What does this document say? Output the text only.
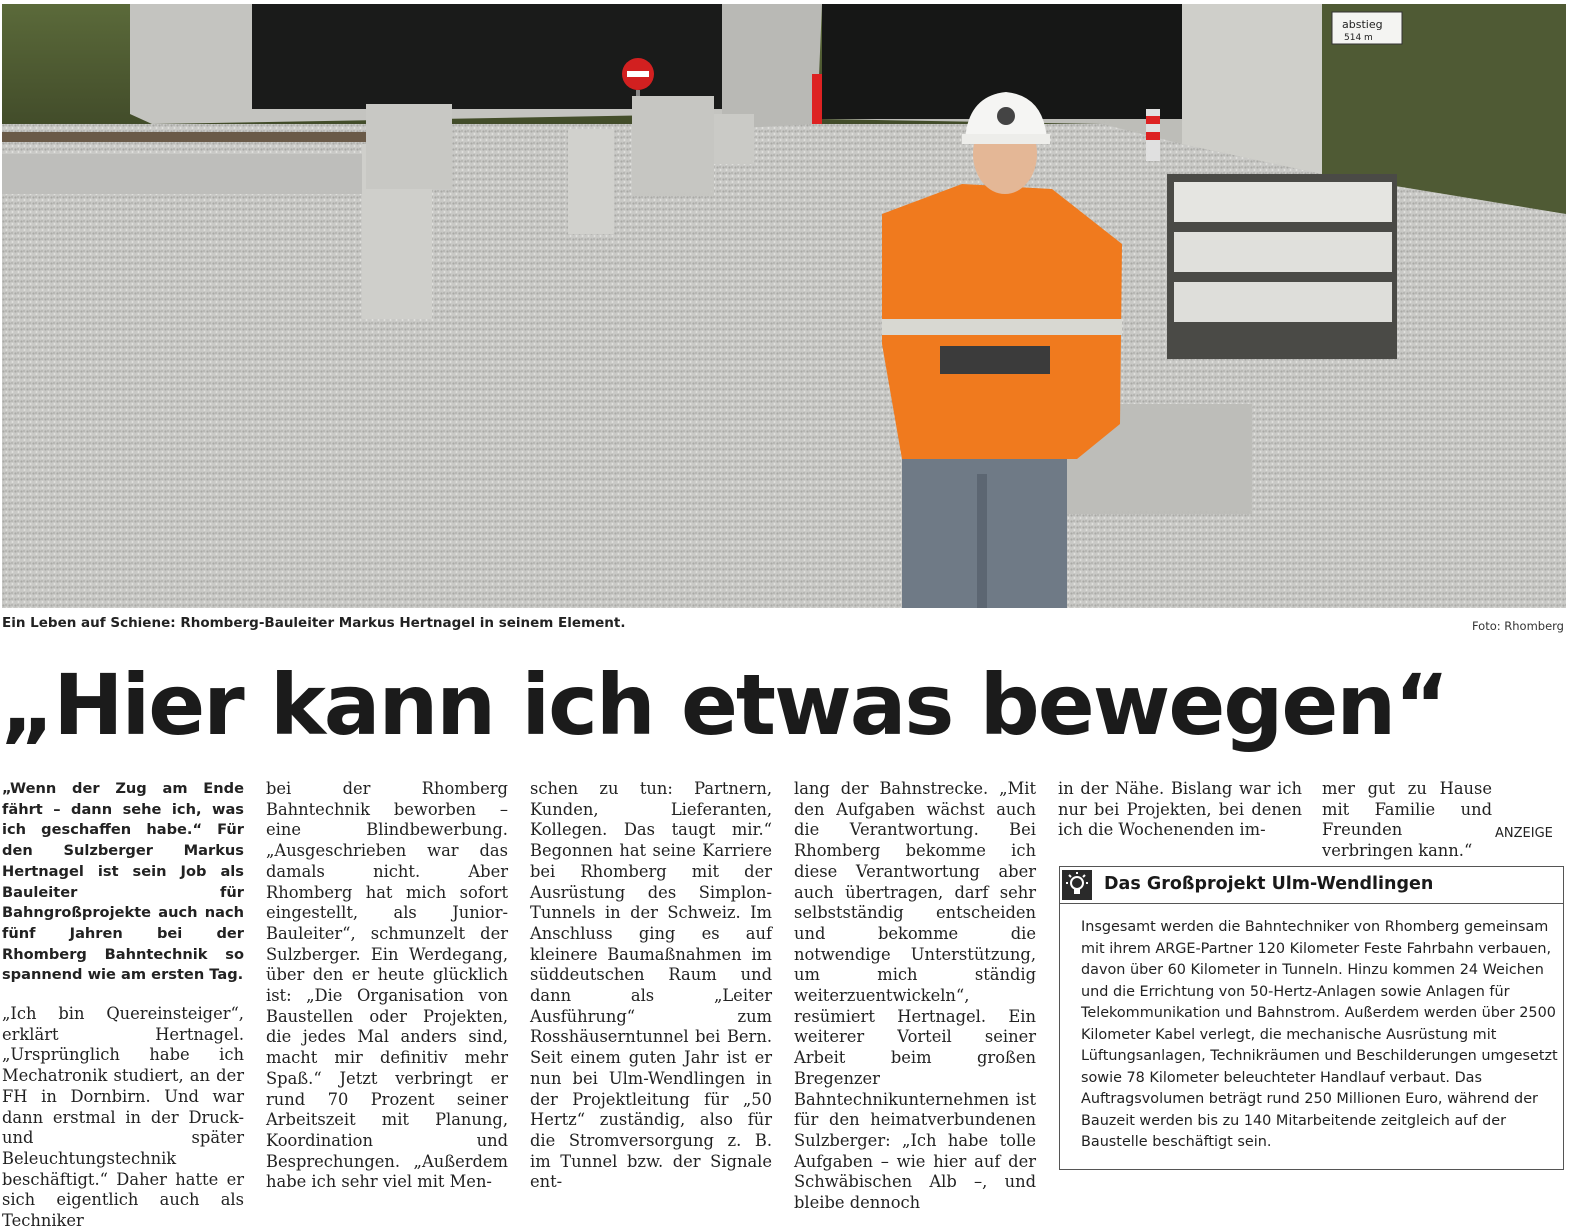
abstieg
514 m
Ein Leben auf Schiene: Rhomberg-Bauleiter Markus Hertnagel in seinem Element.	Foto: Rhomberg
„Hier kann ich etwas bewegen“

„Wenn der Zug am Ende fährt – dann sehe ich, was ich geschaffen habe.“ Für den Sulzberger Markus Hertnagel ist sein Job als Bauleiter für Bahngroßprojekte auch nach fünf Jahren bei der Rhomberg Bahntechnik so spannend wie am ersten Tag.

„Ich bin Quereinsteiger“, erklärt Hertnagel. „Ursprünglich habe ich Mechatronik studiert, an der FH in Dornbirn. Und war dann erstmal in der Druck- und später Beleuchtungstechnik beschäftigt.“ Daher hatte er sich eigentlich auch als Techniker

bei der Rhomberg Bahntechnik beworben – eine Blindbewerbung. „Ausgeschrieben war das damals nicht. Aber Rhomberg hat mich sofort eingestellt, als Junior-Bauleiter“, schmunzelt der Sulzberger. Ein Werdegang, über den er heute glücklich ist: „Die Organisation von Baustellen oder Projekten, die jedes Mal anders sind, macht mir definitiv mehr Spaß.“ Jetzt verbringt er rund 70 Prozent seiner Arbeitszeit mit Planung, Koordination und Besprechungen. „Außerdem habe ich sehr viel mit Men-

schen zu tun: Partnern, Kunden, Lieferanten, Kollegen. Das taugt mir.“ Begonnen hat seine Karriere bei Rhomberg mit der Ausrüstung des Simplon-Tunnels in der Schweiz. Im Anschluss ging es auf kleinere Baumaßnahmen im süddeutschen Raum und dann als „Leiter Ausführung“ zum Rosshäuserntunnel bei Bern. Seit einem guten Jahr ist er nun bei Ulm-Wendlingen in der Projektleitung für „50 Hertz“ zuständig, also für die Stromversorgung z. B. im Tunnel bzw. der Signale ent-

lang der Bahnstrecke. „Mit den Aufgaben wächst auch die Verantwortung. Bei Rhomberg bekomme ich diese Verantwortung aber auch übertragen, darf sehr selbstständig entscheiden und bekomme die notwendige Unterstützung, um mich ständig weiterzuentwickeln“, resümiert Hertnagel. Ein weiterer Vorteil seiner Arbeit beim großen Bregenzer Bahntechnikunternehmen ist für den heimatverbundenen Sulzberger: „Ich habe tolle Aufgaben – wie hier auf der Schwäbischen Alb –, und bleibe dennoch

in der Nähe. Bislang war ich nur bei Projekten, bei denen ich die Wochenenden im-

mer gut zu Hause mit Familie und Freunden verbringen kann.“

ANZEIGE
Das Großprojekt Ulm-Wendlingen
Insgesamt werden die Bahntechniker von Rhomberg gemeinsam mit ihrem ARGE-Partner 120 Kilometer Feste Fahrbahn verbauen, davon über 60 Kilometer in Tunneln. Hinzu kommen 24 Weichen und die Errichtung von 50-Hertz-Anlagen sowie Anlagen für Telekommunikation und Bahnstrom. Außerdem werden über 2500 Kilometer Kabel verlegt, die mechanische Ausrüstung mit Lüftungsanlagen, Technikräumen und Beschilderungen umgesetzt sowie 78 Kilometer beleuchteter Handlauf verbaut. Das Auftragsvolumen beträgt rund 250 Millionen Euro, während der Bauzeit werden bis zu 140 Mitarbeitende zeitgleich auf der Baustelle beschäftigt sein.
